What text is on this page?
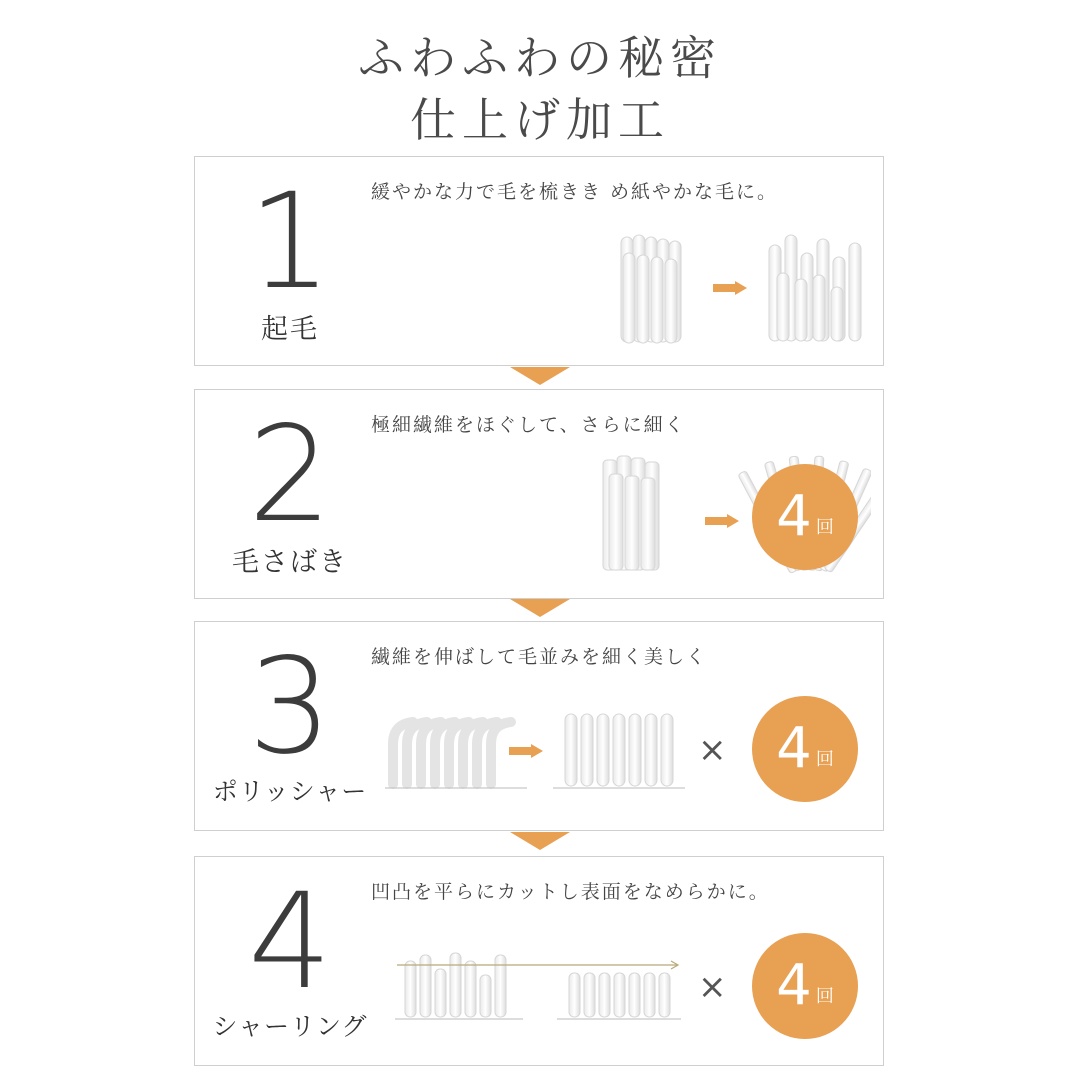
ふわふわの秘密
仕上げ加工
1
起毛
緩やかな力で毛を梳きき め紙やかな毛に。
2
毛さばき
極細繊維をほぐして、さらに細く
4 回
3
ポリッシャー
繊維を伸ばして毛並みを細く美しく
× 4 回
4
シャーリング
凹凸を平らにカットし表面をなめらかに。
× 4 回
